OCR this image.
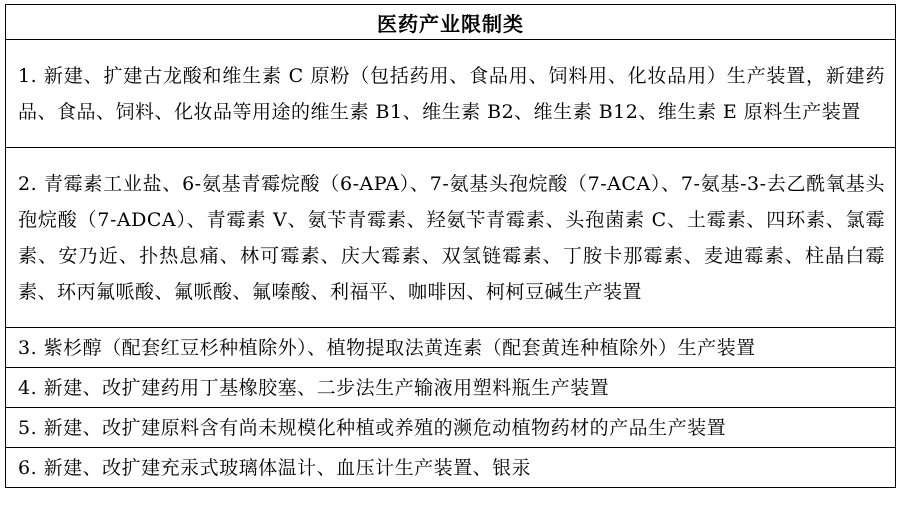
医药产业限制类
1. 新建、扩建古龙酸和维生素 C 原粉（包括药用、食品用、饲料用、化妆品用）生产装置，新建药品、食品、饲料、化妆品等用途的维生素 B1、维生素 B2、维生素 B12、维生素 E 原料生产装置
2. 青霉素工业盐、6-氨基青霉烷酸（6-APA）、7-氨基头孢烷酸（7-ACA）、7-氨基-3-去乙酰氧基头孢烷酸（7-ADCA）、青霉素 V、氨苄青霉素、羟氨苄青霉素、头孢菌素 C、土霉素、四环素、氯霉素、安乃近、扑热息痛、林可霉素、庆大霉素、双氢链霉素、丁胺卡那霉素、麦迪霉素、柱晶白霉素、环丙氟哌酸、氟哌酸、氟嗪酸、利福平、咖啡因、柯柯豆碱生产装置
3. 紫杉醇（配套红豆杉种植除外）、植物提取法黄连素（配套黄连种植除外）生产装置
4. 新建、改扩建药用丁基橡胶塞、二步法生产输液用塑料瓶生产装置
5. 新建、改扩建原料含有尚未规模化种植或养殖的濒危动植物药材的产品生产装置
6. 新建、改扩建充汞式玻璃体温计、血压计生产装置、银汞
